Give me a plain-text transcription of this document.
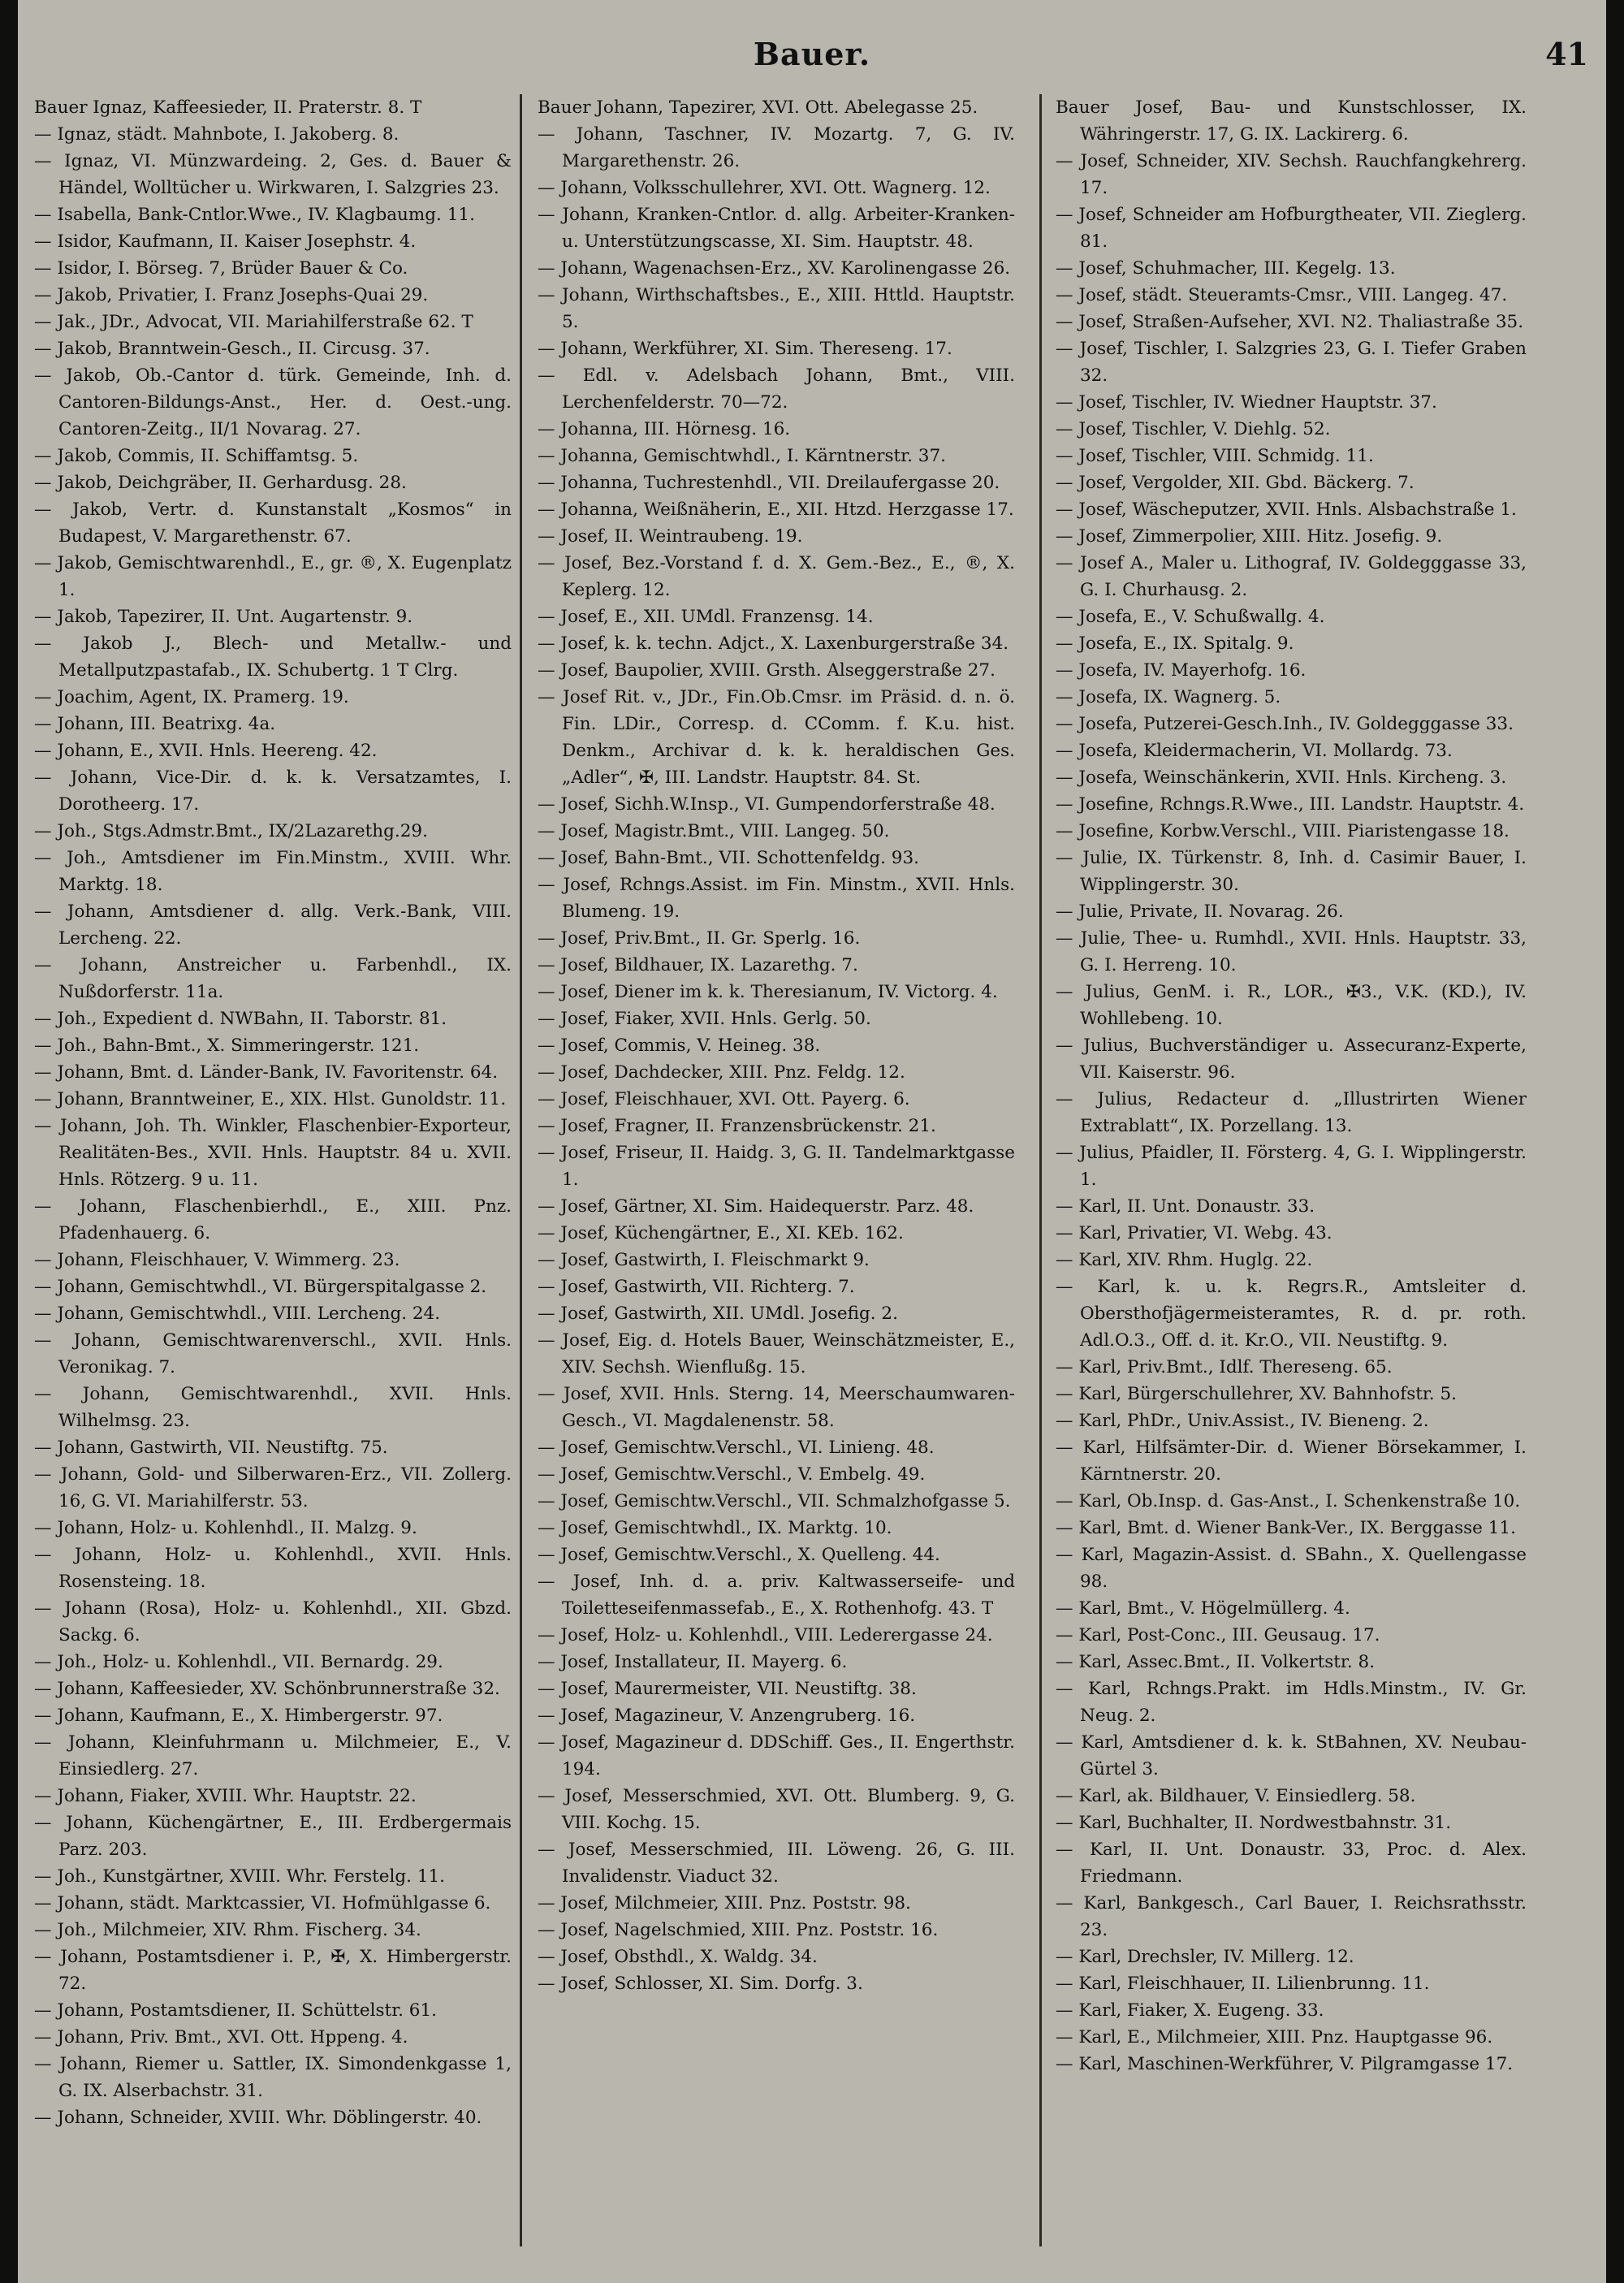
Bauer.	41

Bauer Ignaz, Kaffeesieder, II. Praterstr. 8. T

— Ignaz, städt. Mahnbote, I. Jakoberg. 8.

— Ignaz, VI. Münzwardeing. 2, Ges. d. Bauer & Händel, Wolltücher u. Wirkwaren, I. Salzgries 23.

— Isabella, Bank-Cntlor.Wwe., IV. Klagbaumg. 11.

— Isidor, Kaufmann, II. Kaiser Josephstr. 4.

— Isidor, I. Börseg. 7, Brüder Bauer & Co.

— Jakob, Privatier, I. Franz Josephs-Quai 29.

— Jak., JDr., Advocat, VII. Mariahilferstraße 62. T

— Jakob, Branntwein-Gesch., II. Circusg. 37.

— Jakob, Ob.-Cantor d. türk. Gemeinde, Inh. d. Cantoren-Bildungs-Anst., Her. d. Oest.-ung. Cantoren-Zeitg., II/1 Novarag. 27.

— Jakob, Commis, II. Schiffamtsg. 5.

— Jakob, Deichgräber, II. Gerhardusg. 28.

— Jakob, Vertr. d. Kunstanstalt „Kosmos“ in Budapest, V. Margarethenstr. 67.

— Jakob, Gemischtwarenhdl., E., gr. ®, X. Eugenplatz 1.

— Jakob, Tapezirer, II. Unt. Augartenstr. 9.

— Jakob J., Blech- und Metallw.- und Metallputzpastafab., IX. Schubertg. 1 T Clrg.

— Joachim, Agent, IX. Pramerg. 19.

— Johann, III. Beatrixg. 4a.

— Johann, E., XVII. Hnls. Heereng. 42.

— Johann, Vice-Dir. d. k. k. Versatzamtes, I. Dorotheerg. 17.

— Joh., Stgs.Admstr.Bmt., IX/2Lazarethg.29.

— Joh., Amtsdiener im Fin.Minstm., XVIII. Whr. Marktg. 18.

— Johann, Amtsdiener d. allg. Verk.-Bank, VIII. Lercheng. 22.

— Johann, Anstreicher u. Farbenhdl., IX. Nußdorferstr. 11a.

— Joh., Expedient d. NWBahn, II. Taborstr. 81.

— Joh., Bahn-Bmt., X. Simmeringerstr. 121.

— Johann, Bmt. d. Länder-Bank, IV. Favoritenstr. 64.

— Johann, Branntweiner, E., XIX. Hlst. Gunoldstr. 11.

— Johann, Joh. Th. Winkler, Flaschenbier-Exporteur, Realitäten-Bes., XVII. Hnls. Hauptstr. 84 u. XVII. Hnls. Rötzerg. 9 u. 11.

— Johann, Flaschenbierhdl., E., XIII. Pnz. Pfadenhauerg. 6.

— Johann, Fleischhauer, V. Wimmerg. 23.

— Johann, Gemischtwhdl., VI. Bürgerspitalgasse 2.

— Johann, Gemischtwhdl., VIII. Lercheng. 24.

— Johann, Gemischtwarenverschl., XVII. Hnls. Veronikag. 7.

— Johann, Gemischtwarenhdl., XVII. Hnls. Wilhelmsg. 23.

— Johann, Gastwirth, VII. Neustiftg. 75.

— Johann, Gold- und Silberwaren-Erz., VII. Zollerg. 16, G. VI. Mariahilferstr. 53.

— Johann, Holz- u. Kohlenhdl., II. Malzg. 9.

— Johann, Holz- u. Kohlenhdl., XVII. Hnls. Rosensteing. 18.

— Johann (Rosa), Holz- u. Kohlenhdl., XII. Gbzd. Sackg. 6.

— Joh., Holz- u. Kohlenhdl., VII. Bernardg. 29.

— Johann, Kaffeesieder, XV. Schönbrunnerstraße 32.

— Johann, Kaufmann, E., X. Himbergerstr. 97.

— Johann, Kleinfuhrmann u. Milchmeier, E., V. Einsiedlerg. 27.

— Johann, Fiaker, XVIII. Whr. Hauptstr. 22.

— Johann, Küchengärtner, E., III. Erdbergermais Parz. 203.

— Joh., Kunstgärtner, XVIII. Whr. Ferstelg. 11.

— Johann, städt. Marktcassier, VI. Hofmühlgasse 6.

— Joh., Milchmeier, XIV. Rhm. Fischerg. 34.

— Johann, Postamtsdiener i. P., ✠, X. Himbergerstr. 72.

— Johann, Postamtsdiener, II. Schüttelstr. 61.

— Johann, Priv. Bmt., XVI. Ott. Hppeng. 4.

— Johann, Riemer u. Sattler, IX. Simondenkgasse 1, G. IX. Alserbachstr. 31.

— Johann, Schneider, XVIII. Whr. Döblingerstr. 40.

Bauer Johann, Tapezirer, XVI. Ott. Abelegasse 25.

— Johann, Taschner, IV. Mozartg. 7, G. IV. Margarethenstr. 26.

— Johann, Volksschullehrer, XVI. Ott. Wagnerg. 12.

— Johann, Kranken-Cntlor. d. allg. Arbeiter-Kranken- u. Unterstützungscasse, XI. Sim. Hauptstr. 48.

— Johann, Wagenachsen-Erz., XV. Karolinengasse 26.

— Johann, Wirthschaftsbes., E., XIII. Httld. Hauptstr. 5.

— Johann, Werkführer, XI. Sim. Thereseng. 17.

— Edl. v. Adelsbach Johann, Bmt., VIII. Lerchenfelderstr. 70—72.

— Johanna, III. Hörnesg. 16.

— Johanna, Gemischtwhdl., I. Kärntnerstr. 37.

— Johanna, Tuchrestenhdl., VII. Dreilaufergasse 20.

— Johanna, Weißnäherin, E., XII. Htzd. Herzgasse 17.

— Josef, II. Weintraubeng. 19.

— Josef, Bez.-Vorstand f. d. X. Gem.-Bez., E., ®, X. Keplerg. 12.

— Josef, E., XII. UMdl. Franzensg. 14.

— Josef, k. k. techn. Adjct., X. Laxenburgerstraße 34.

— Josef, Baupolier, XVIII. Grsth. Alseggerstraße 27.

— Josef Rit. v., JDr., Fin.Ob.Cmsr. im Präsid. d. n. ö. Fin. LDir., Corresp. d. CComm. f. K.u. hist. Denkm., Archivar d. k. k. heraldischen Ges. „Adler“, ✠, III. Landstr. Hauptstr. 84. St.

— Josef, Sichh.W.Insp., VI. Gumpendorferstraße 48.

— Josef, Magistr.Bmt., VIII. Langeg. 50.

— Josef, Bahn-Bmt., VII. Schottenfeldg. 93.

— Josef, Rchngs.Assist. im Fin. Minstm., XVII. Hnls. Blumeng. 19.

— Josef, Priv.Bmt., II. Gr. Sperlg. 16.

— Josef, Bildhauer, IX. Lazarethg. 7.

— Josef, Diener im k. k. Theresianum, IV. Victorg. 4.

— Josef, Fiaker, XVII. Hnls. Gerlg. 50.

— Josef, Commis, V. Heineg. 38.

— Josef, Dachdecker, XIII. Pnz. Feldg. 12.

— Josef, Fleischhauer, XVI. Ott. Payerg. 6.

— Josef, Fragner, II. Franzensbrückenstr. 21.

— Josef, Friseur, II. Haidg. 3, G. II. Tandelmarktgasse 1.

— Josef, Gärtner, XI. Sim. Haidequerstr. Parz. 48.

— Josef, Küchengärtner, E., XI. KEb. 162.

— Josef, Gastwirth, I. Fleischmarkt 9.

— Josef, Gastwirth, VII. Richterg. 7.

— Josef, Gastwirth, XII. UMdl. Josefig. 2.

— Josef, Eig. d. Hotels Bauer, Weinschätzmeister, E., XIV. Sechsh. Wienflußg. 15.

— Josef, XVII. Hnls. Sterng. 14, Meerschaumwaren-Gesch., VI. Magdalenenstr. 58.

— Josef, Gemischtw.Verschl., VI. Linieng. 48.

— Josef, Gemischtw.Verschl., V. Embelg. 49.

— Josef, Gemischtw.Verschl., VII. Schmalzhofgasse 5.

— Josef, Gemischtwhdl., IX. Marktg. 10.

— Josef, Gemischtw.Verschl., X. Quelleng. 44.

— Josef, Inh. d. a. priv. Kaltwasserseife- und Toiletteseifenmassefab., E., X. Rothenhofg. 43. T

— Josef, Holz- u. Kohlenhdl., VIII. Lederergasse 24.

— Josef, Installateur, II. Mayerg. 6.

— Josef, Maurermeister, VII. Neustiftg. 38.

— Josef, Magazineur, V. Anzengruberg. 16.

— Josef, Magazineur d. DDSchiff. Ges., II. Engerthstr. 194.

— Josef, Messerschmied, XVI. Ott. Blumberg. 9, G. VIII. Kochg. 15.

— Josef, Messerschmied, III. Löweng. 26, G. III. Invalidenstr. Viaduct 32.

— Josef, Milchmeier, XIII. Pnz. Poststr. 98.

— Josef, Nagelschmied, XIII. Pnz. Poststr. 16.

— Josef, Obsthdl., X. Waldg. 34.

— Josef, Schlosser, XI. Sim. Dorfg. 3.

Bauer Josef, Bau- und Kunstschlosser, IX. Währingerstr. 17, G. IX. Lackirerg. 6.

— Josef, Schneider, XIV. Sechsh. Rauchfangkehrerg. 17.

— Josef, Schneider am Hofburgtheater, VII. Zieglerg. 81.

— Josef, Schuhmacher, III. Kegelg. 13.

— Josef, städt. Steueramts-Cmsr., VIII. Langeg. 47.

— Josef, Straßen-Aufseher, XVI. N2. Thaliastraße 35.

— Josef, Tischler, I. Salzgries 23, G. I. Tiefer Graben 32.

— Josef, Tischler, IV. Wiedner Hauptstr. 37.

— Josef, Tischler, V. Diehlg. 52.

— Josef, Tischler, VIII. Schmidg. 11.

— Josef, Vergolder, XII. Gbd. Bäckerg. 7.

— Josef, Wäscheputzer, XVII. Hnls. Alsbachstraße 1.

— Josef, Zimmerpolier, XIII. Hitz. Josefig. 9.

— Josef A., Maler u. Lithograf, IV. Goldegggasse 33, G. I. Churhausg. 2.

— Josefa, E., V. Schußwallg. 4.

— Josefa, E., IX. Spitalg. 9.

— Josefa, IV. Mayerhofg. 16.

— Josefa, IX. Wagnerg. 5.

— Josefa, Putzerei-Gesch.Inh., IV. Goldegggasse 33.

— Josefa, Kleidermacherin, VI. Mollardg. 73.

— Josefa, Weinschänkerin, XVII. Hnls. Kircheng. 3.

— Josefine, Rchngs.R.Wwe., III. Landstr. Hauptstr. 4.

— Josefine, Korbw.Verschl., VIII. Piaristengasse 18.

— Julie, IX. Türkenstr. 8, Inh. d. Casimir Bauer, I. Wipplingerstr. 30.

— Julie, Private, II. Novarag. 26.

— Julie, Thee- u. Rumhdl., XVII. Hnls. Hauptstr. 33, G. I. Herreng. 10.

— Julius, GenM. i. R., LOR., ✠3., V.K. (KD.), IV. Wohllebeng. 10.

— Julius, Buchverständiger u. Assecuranz-Experte, VII. Kaiserstr. 96.

— Julius, Redacteur d. „Illustrirten Wiener Extrablatt“, IX. Porzellang. 13.

— Julius, Pfaidler, II. Försterg. 4, G. I. Wipplingerstr. 1.

— Karl, II. Unt. Donaustr. 33.

— Karl, Privatier, VI. Webg. 43.

— Karl, XIV. Rhm. Huglg. 22.

— Karl, k. u. k. Regrs.R., Amtsleiter d. Obersthofjägermeisteramtes, R. d. pr. roth. Adl.O.3., Off. d. it. Kr.O., VII. Neustiftg. 9.

— Karl, Priv.Bmt., Idlf. Thereseng. 65.

— Karl, Bürgerschullehrer, XV. Bahnhofstr. 5.

— Karl, PhDr., Univ.Assist., IV. Bieneng. 2.

— Karl, Hilfsämter-Dir. d. Wiener Börsekammer, I. Kärntnerstr. 20.

— Karl, Ob.Insp. d. Gas-Anst., I. Schenkenstraße 10.

— Karl, Bmt. d. Wiener Bank-Ver., IX. Berggasse 11.

— Karl, Magazin-Assist. d. SBahn., X. Quellengasse 98.

— Karl, Bmt., V. Högelmüllerg. 4.

— Karl, Post-Conc., III. Geusaug. 17.

— Karl, Assec.Bmt., II. Volkertstr. 8.

— Karl, Rchngs.Prakt. im Hdls.Minstm., IV. Gr. Neug. 2.

— Karl, Amtsdiener d. k. k. StBahnen, XV. Neubau-Gürtel 3.

— Karl, ak. Bildhauer, V. Einsiedlerg. 58.

— Karl, Buchhalter, II. Nordwestbahnstr. 31.

— Karl, II. Unt. Donaustr. 33, Proc. d. Alex. Friedmann.

— Karl, Bankgesch., Carl Bauer, I. Reichsrathsstr. 23.

— Karl, Drechsler, IV. Millerg. 12.

— Karl, Fleischhauer, II. Lilienbrunng. 11.

— Karl, Fiaker, X. Eugeng. 33.

— Karl, E., Milchmeier, XIII. Pnz. Hauptgasse 96.

— Karl, Maschinen-Werkführer, V. Pilgramgasse 17.
